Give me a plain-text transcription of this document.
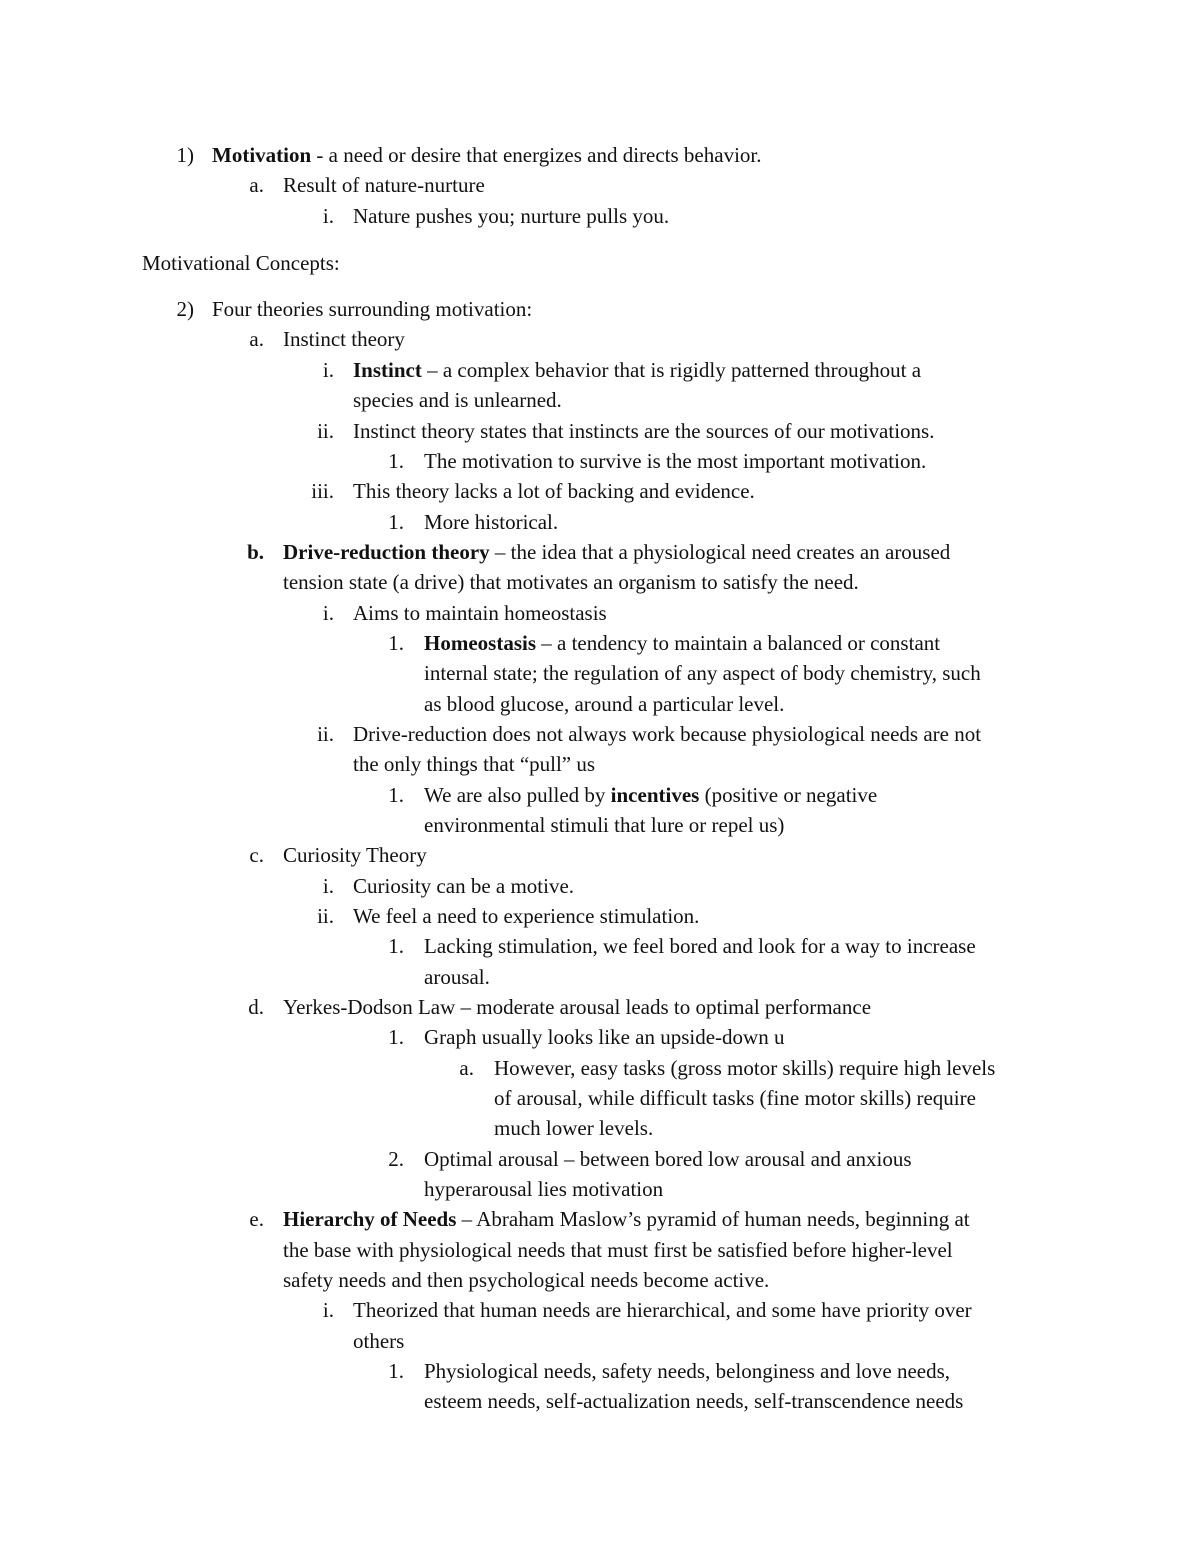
1) Motivation - a need or desire that energizes and directs behavior.
a. Result of nature-nurture
i. Nature pushes you; nurture pulls you.
Motivational Concepts:
2) Four theories surrounding motivation:
a. Instinct theory
i. Instinct – a complex behavior that is rigidly patterned throughout a
species and is unlearned.
ii. Instinct theory states that instincts are the sources of our motivations.
1. The motivation to survive is the most important motivation.
iii. This theory lacks a lot of backing and evidence.
1. More historical.
b. Drive-reduction theory – the idea that a physiological need creates an aroused
tension state (a drive) that motivates an organism to satisfy the need.
i. Aims to maintain homeostasis
1. Homeostasis – a tendency to maintain a balanced or constant
internal state; the regulation of any aspect of body chemistry, such
as blood glucose, around a particular level.
ii. Drive-reduction does not always work because physiological needs are not
the only things that “pull” us
1. We are also pulled by incentives (positive or negative
environmental stimuli that lure or repel us)
c. Curiosity Theory
i. Curiosity can be a motive.
ii. We feel a need to experience stimulation.
1. Lacking stimulation, we feel bored and look for a way to increase
arousal.
d. Yerkes-Dodson Law – moderate arousal leads to optimal performance
1. Graph usually looks like an upside-down u
a. However, easy tasks (gross motor skills) require high levels
of arousal, while difficult tasks (fine motor skills) require
much lower levels.
2. Optimal arousal – between bored low arousal and anxious
hyperarousal lies motivation
e. Hierarchy of Needs – Abraham Maslow’s pyramid of human needs, beginning at
the base with physiological needs that must first be satisfied before higher-level
safety needs and then psychological needs become active.
i. Theorized that human needs are hierarchical, and some have priority over
others
1. Physiological needs, safety needs, belonginess and love needs,
esteem needs, self-actualization needs, self-transcendence needs
